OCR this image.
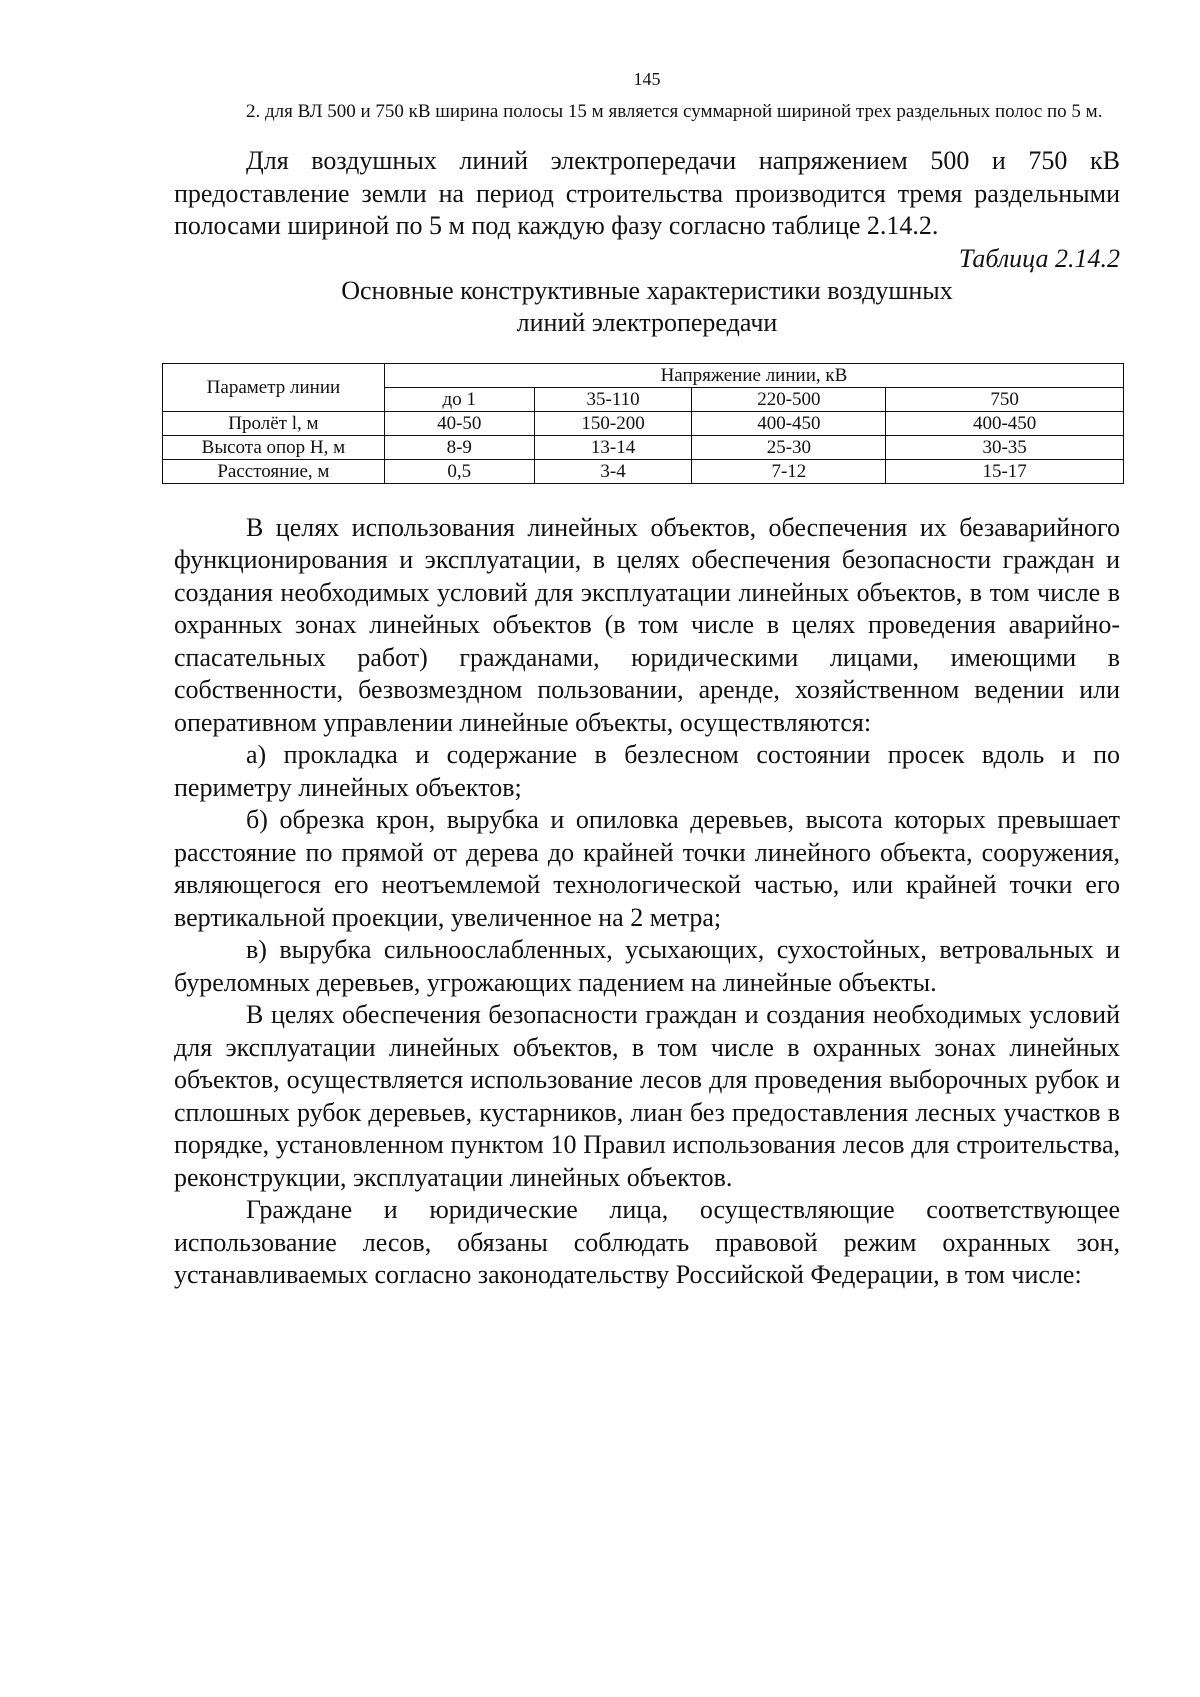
145

2. для ВЛ 500 и 750 кВ ширина полосы 15 м является суммарной шириной трех раздельных полос по 5 м.

Для воздушных линий электропередачи напряжением 500 и 750 кВ предоставление земли на период строительства производится тремя раздельными полосами шириной по 5 м под каждую фазу согласно таблице 2.14.2.

Таблица 2.14.2

Основные конструктивные характеристики воздушных
линий электропередачи
Параметр линии	Напряжение линии, кВ			
	до 1	35-110	220-500	750
Пролёт l, м	40-50	150-200	400-450	400-450
Высота опор H, м	8-9	13-14	25-30	30-35
Расстояние, м	0,5	3-4	7-12	15-17

В целях использования линейных объектов, обеспечения их безаварийного функционирования и эксплуатации, в целях обеспечения безопасности граждан и создания необходимых условий для эксплуатации линейных объектов, в том числе в охранных зонах линейных объектов (в том числе в целях проведения аварийно-спасательных работ) гражданами, юридическими лицами, имеющими в собственности, безвозмездном пользовании, аренде, хозяйственном ведении или оперативном управлении линейные объекты, осуществляются:

а) прокладка и содержание в безлесном состоянии просек вдоль и по периметру линейных объектов;

б) обрезка крон, вырубка и опиловка деревьев, высота которых превышает расстояние по прямой от дерева до крайней точки линейного объекта, сооружения, являющегося его неотъемлемой технологической частью, или крайней точки его вертикальной проекции, увеличенное на 2 метра;

в) вырубка сильноослабленных, усыхающих, сухостойных, ветровальных и буреломных деревьев, угрожающих падением на линейные объекты.

В целях обеспечения безопасности граждан и создания необходимых условий для эксплуатации линейных объектов, в том числе в охранных зонах линейных объектов, осуществляется использование лесов для проведения выборочных рубок и сплошных рубок деревьев, кустарников, лиан без предоставления лесных участков в порядке, установленном пунктом 10 Правил использования лесов для строительства, реконструкции, эксплуатации линейных объектов.

Граждане и юридические лица, осуществляющие соответствующее использование лесов, обязаны соблюдать правовой режим охранных зон, устанавливаемых согласно законодательству Российской Федерации, в том числе:
